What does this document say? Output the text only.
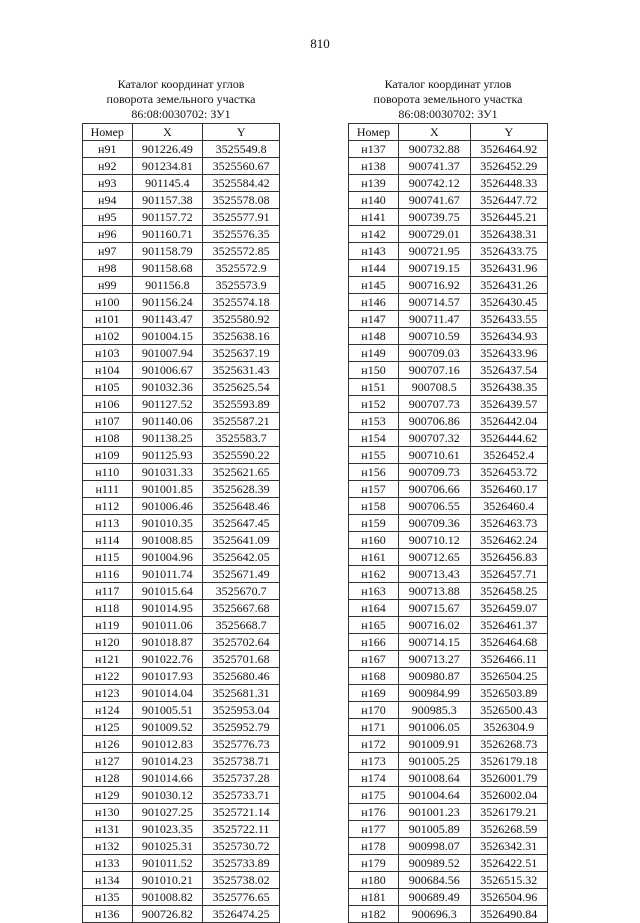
810
Каталог координат углов
поворота земельного участка
86:08:0030702: ЗУ1
Номер	X	Y
н91	901226.49	3525549.8
н92	901234.81	3525560.67
н93	901145.4	3525584.42
н94	901157.38	3525578.08
н95	901157.72	3525577.91
н96	901160.71	3525576.35
н97	901158.79	3525572.85
н98	901158.68	3525572.9
н99	901156.8	3525573.9
н100	901156.24	3525574.18
н101	901143.47	3525580.92
н102	901004.15	3525638.16
н103	901007.94	3525637.19
н104	901006.67	3525631.43
н105	901032.36	3525625.54
н106	901127.52	3525593.89
н107	901140.06	3525587.21
н108	901138.25	3525583.7
н109	901125.93	3525590.22
н110	901031.33	3525621.65
н111	901001.85	3525628.39
н112	901006.46	3525648.46
н113	901010.35	3525647.45
н114	901008.85	3525641.09
н115	901004.96	3525642.05
н116	901011.74	3525671.49
н117	901015.64	3525670.7
н118	901014.95	3525667.68
н119	901011.06	3525668.7
н120	901018.87	3525702.64
н121	901022.76	3525701.68
н122	901017.93	3525680.46
н123	901014.04	3525681.31
н124	901005.51	3525953.04
н125	901009.52	3525952.79
н126	901012.83	3525776.73
н127	901014.23	3525738.71
н128	901014.66	3525737.28
н129	901030.12	3525733.71
н130	901027.25	3525721.14
н131	901023.35	3525722.11
н132	901025.31	3525730.72
н133	901011.52	3525733.89
н134	901010.21	3525738.02
н135	901008.82	3525776.65
н136	900726.82	3526474.25
Каталог координат углов
поворота земельного участка
86:08:0030702: ЗУ1
Номер	X	Y
н137	900732.88	3526464.92
н138	900741.37	3526452.29
н139	900742.12	3526448.33
н140	900741.67	3526447.72
н141	900739.75	3526445.21
н142	900729.01	3526438.31
н143	900721.95	3526433.75
н144	900719.15	3526431.96
н145	900716.92	3526431.26
н146	900714.57	3526430.45
н147	900711.47	3526433.55
н148	900710.59	3526434.93
н149	900709.03	3526433.96
н150	900707.16	3526437.54
н151	900708.5	3526438.35
н152	900707.73	3526439.57
н153	900706.86	3526442.04
н154	900707.32	3526444.62
н155	900710.61	3526452.4
н156	900709.73	3526453.72
н157	900706.66	3526460.17
н158	900706.55	3526460.4
н159	900709.36	3526463.73
н160	900710.12	3526462.24
н161	900712.65	3526456.83
н162	900713.43	3526457.71
н163	900713.88	3526458.25
н164	900715.67	3526459.07
н165	900716.02	3526461.37
н166	900714.15	3526464.68
н167	900713.27	3526466.11
н168	900980.87	3526504.25
н169	900984.99	3526503.89
н170	900985.3	3526500.43
н171	901006.05	3526304.9
н172	901009.91	3526268.73
н173	901005.25	3526179.18
н174	901008.64	3526001.79
н175	901004.64	3526002.04
н176	901001.23	3526179.21
н177	901005.89	3526268.59
н178	900998.07	3526342.31
н179	900989.52	3526422.51
н180	900684.56	3526515.32
н181	900689.49	3526504.96
н182	900696.3	3526490.84
